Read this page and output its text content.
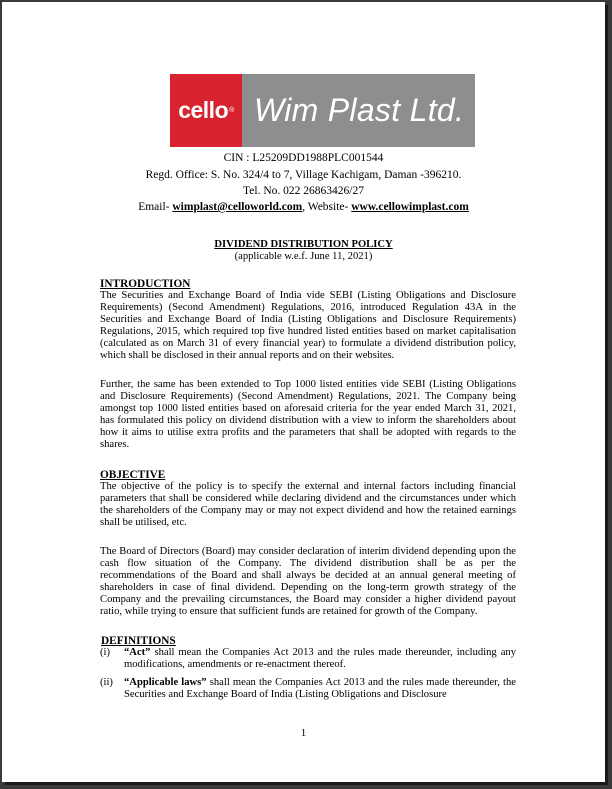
cello ® Wim Plast Ltd.
CIN : L25209DD1988PLC001544
Regd. Office: S. No. 324/4 to 7, Village Kachigam, Daman -396210.
Tel. No. 022 26863426/27
Email- wimplast@celloworld.com, Website- www.cellowimplast.com
DIVIDEND DISTRIBUTION POLICY
(applicable w.e.f. June 11, 2021)
INTRODUCTION

The Securities and Exchange Board of India vide SEBI (Listing Obligations and Disclosure Requirements) (Second Amendment) Regulations, 2016, introduced Regulation 43A in the Securities and Exchange Board of India (Listing Obligations and Disclosure Requirements) Regulations, 2015, which required top five hundred listed entities based on market capitalisation (calculated as on March 31 of every financial year) to formulate a dividend distribution policy, which shall be disclosed in their annual reports and on their websites.

Further, the same has been extended to Top 1000 listed entities vide SEBI (Listing Obligations and Disclosure Requirements) (Second Amendment) Regulations, 2021. The Company being amongst top 1000 listed entities based on aforesaid criteria for the year ended March 31, 2021, has formulated this policy on dividend distribution with a view to inform the shareholders about how it aims to utilise extra profits and the parameters that shall be adopted with regards to the shares.

OBJECTIVE

The objective of the policy is to specify the external and internal factors including financial parameters that shall be considered while declaring dividend and the circumstances under which the shareholders of the Company may or may not expect dividend and how the retained earnings shall be utilised, etc.

The Board of Directors (Board) may consider declaration of interim dividend depending upon the cash flow situation of the Company. The dividend distribution shall be as per the recommendations of the Board and shall always be decided at an annual general meeting of shareholders in case of final dividend. Depending on the long-term growth strategy of the Company and the prevailing circumstances, the Board may consider a higher dividend payout ratio, while trying to ensure that sufficient funds are retained for growth of the Company.

DEFINITIONS
(i)	“Act” shall mean the Companies Act 2013 and the rules made thereunder, including any modifications, amendments or re-enactment thereof.
(ii)	“Applicable laws” shall mean the Companies Act 2013 and the rules made thereunder, the Securities and Exchange Board of India (Listing Obligations and Disclosure
1
